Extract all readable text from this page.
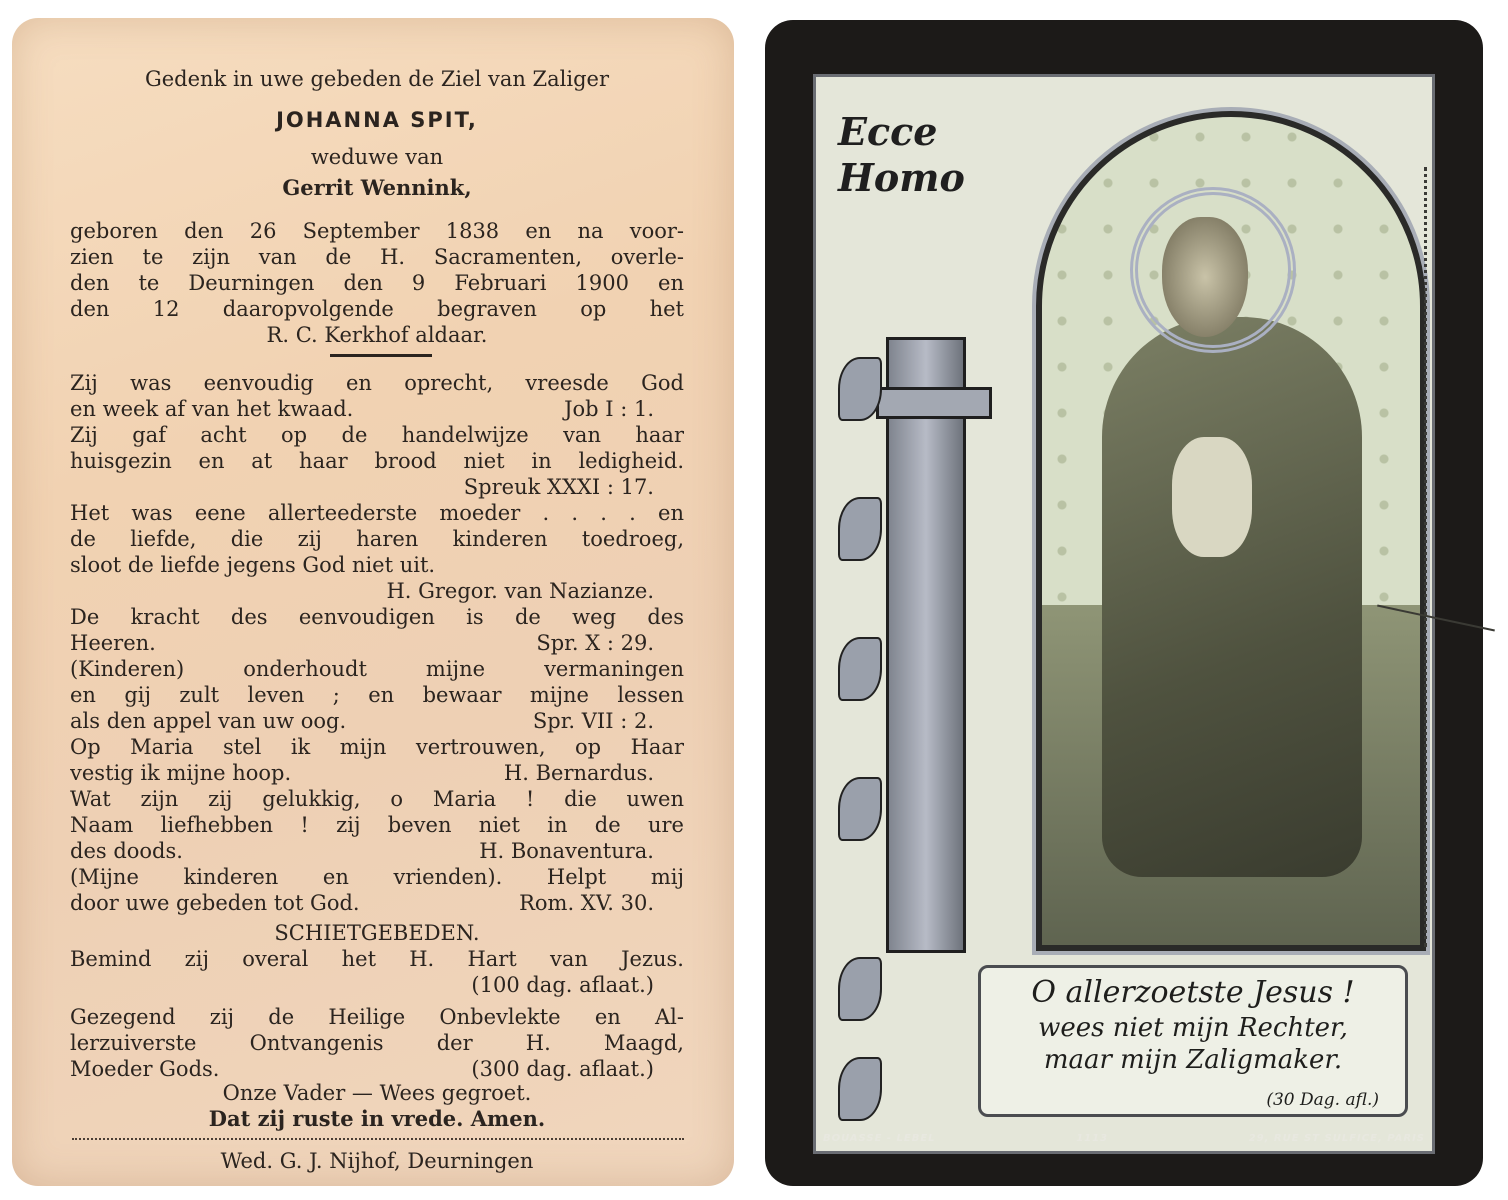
Gedenk in uwe gebeden de Ziel van Zaliger
JOHANNA SPIT,
weduwe van
Gerrit Wennink,
geboren den 26 September 1838 en na voor-
zien te zijn van de H. Sacramenten, overle-
den te Deurningen den 9 Februari 1900 en
den 12 daaropvolgende begraven op het
R. C. Kerkhof aldaar.
Zij was eenvoudig en oprecht, vreesde God
en week af van het kwaad.	Job I : 1.
Zij gaf acht op de handelwijze van haar
huisgezin en at haar brood niet in ledigheid.
Spreuk XXXI : 17.
Het was eene allerteederste moeder . . . . en
de liefde, die zij haren kinderen toedroeg,
sloot de liefde jegens God niet uit.
H. Gregor. van Nazianze.
De kracht des eenvoudigen is de weg des
Heeren.	Spr. X : 29.
(Kinderen) onderhoudt mijne vermaningen
en gij zult leven ; en bewaar mijne lessen
als den appel van uw oog.	Spr. VII : 2.
Op Maria stel ik mijn vertrouwen, op Haar
vestig ik mijne hoop.	H. Bernardus.
Wat zijn zij gelukkig, o Maria ! die uwen
Naam liefhebben ! zij beven niet in de ure
des doods.	H. Bonaventura.
(Mijne kinderen en vrienden). Helpt mij
door uwe gebeden tot God.	Rom. XV. 30.
SCHIETGEBEDEN.
Bemind zij overal het H. Hart van Jezus.
(100 dag. aflaat.)
Gezegend zij de Heilige Onbevlekte en Al-
lerzuiverste Ontvangenis der H. Maagd,
Moeder Gods.	(300 dag. aflaat.)
Onze Vader — Wees gegroet.
Dat zij ruste in vrede. Amen.
Wed. G. J. Nijhof, Deurningen
Ecce
Homo
O allerzoetste Jesus !
wees niet mijn Rechter,
maar mijn Zaligmaker.
(30 Dag. afl.)
BOUASSE - LEBEL	1113	29, RUE ST SULFICE, PARIS
